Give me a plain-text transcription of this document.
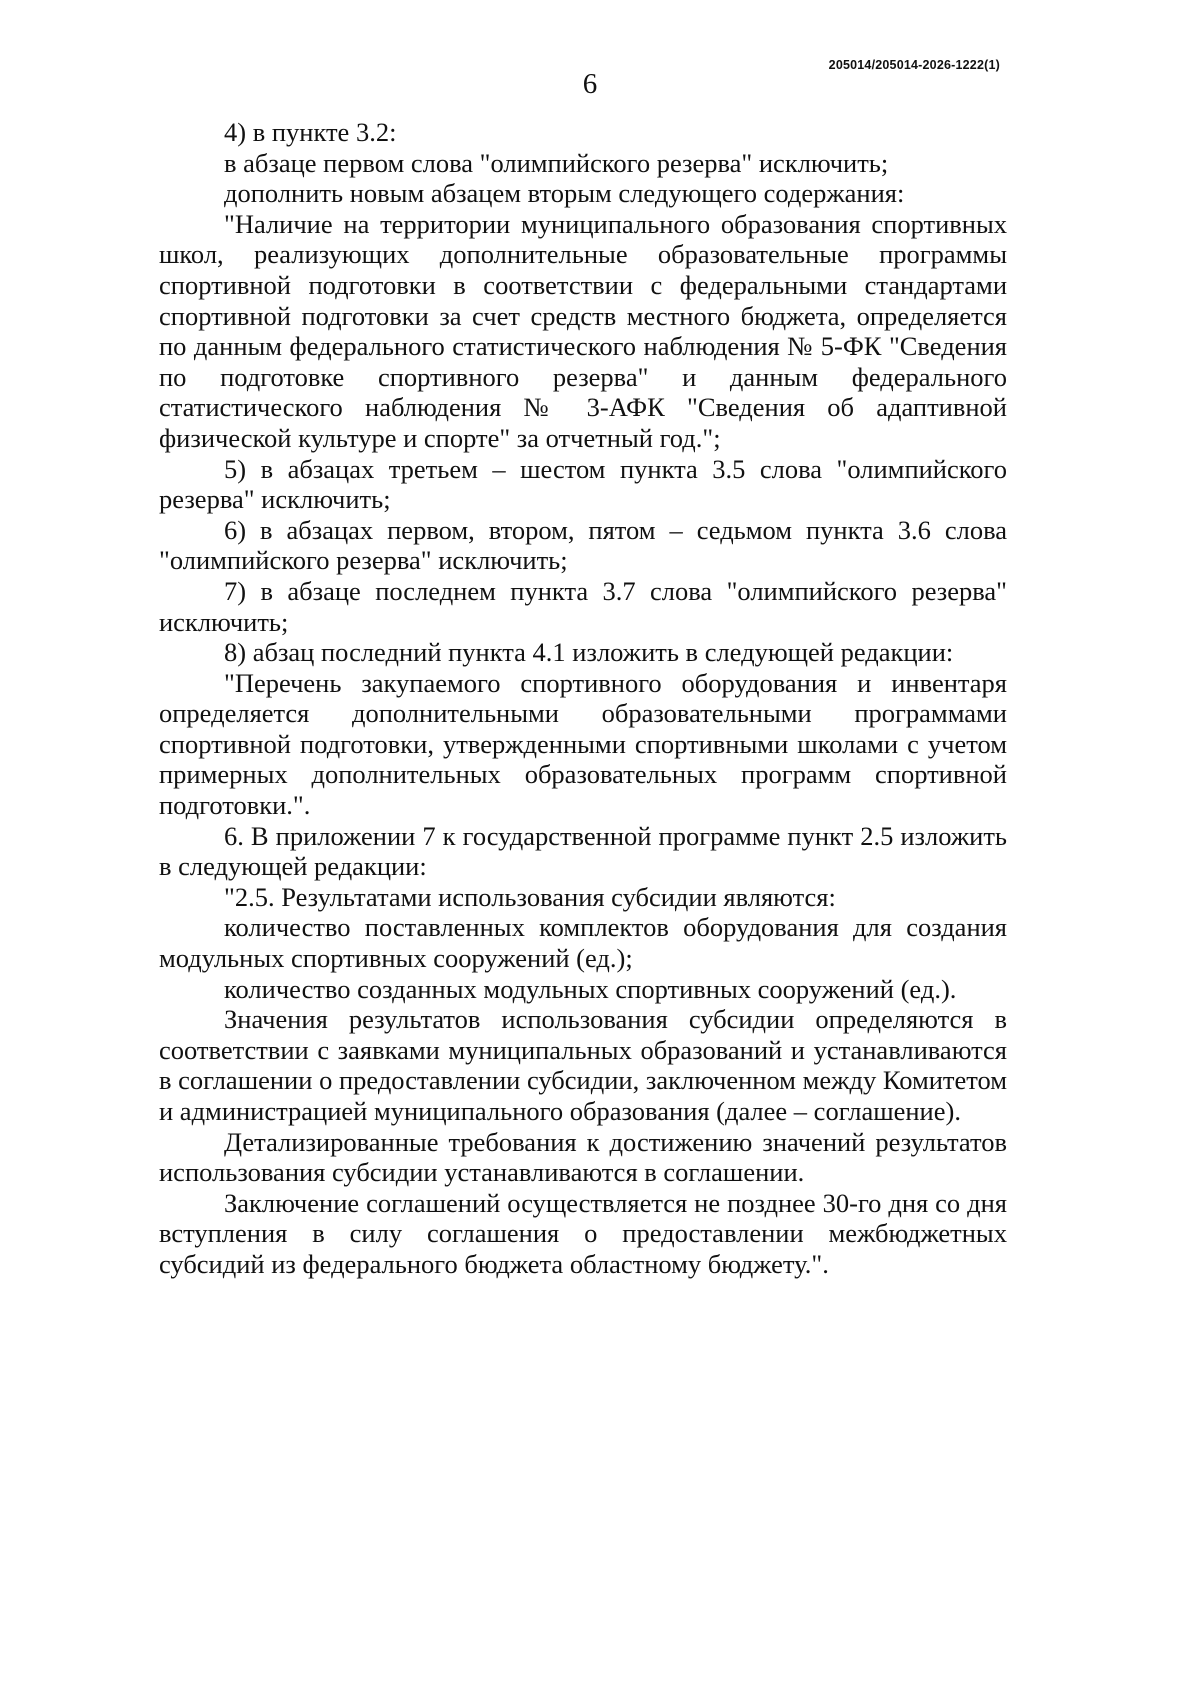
205014/205014-2026-1222(1)
6

4) в пункте 3.2:

в абзаце первом слова "олимпийского резерва" исключить;

дополнить новым абзацем вторым следующего содержания:

"Наличие на территории муниципального образования спортивных школ, реализующих дополнительные образовательные программы спортивной подготовки в соответствии с федеральными стандартами спортивной подготовки за счет средств местного бюджета, определяется по данным федерального статистического наблюдения № 5-ФК "Сведения по подготовке спортивного резерва" и данным федерального статистического наблюдения № 3-АФК "Сведения об адаптивной физической культуре и спорте" за отчетный год.";

5) в абзацах третьем – шестом пункта 3.5 слова "олимпийского резерва" исключить;

6) в абзацах первом, втором, пятом – седьмом пункта 3.6 слова "олимпийского резерва" исключить;

7) в абзаце последнем пункта 3.7 слова "олимпийского резерва" исключить;

8) абзац последний пункта 4.1 изложить в следующей редакции:

"Перечень закупаемого спортивного оборудования и инвентаря определяется дополнительными образовательными программами спортивной подготовки, утвержденными спортивными школами с учетом примерных дополнительных образовательных программ спортивной подготовки.".

6. В приложении 7 к государственной программе пункт 2.5 изложить в следующей редакции:

"2.5. Результатами использования субсидии являются:

количество поставленных комплектов оборудования для создания модульных спортивных сооружений (ед.);

количество созданных модульных спортивных сооружений (ед.).

Значения результатов использования субсидии определяются в соответствии с заявками муниципальных образований и устанавливаются в соглашении о предоставлении субсидии, заключенном между Комитетом и администрацией муниципального образования (далее – соглашение).

Детализированные требования к достижению значений результатов использования субсидии устанавливаются в соглашении.

Заключение соглашений осуществляется не позднее 30-го дня со дня вступления в силу соглашения о предоставлении межбюджетных субсидий из федерального бюджета областному бюджету.".
